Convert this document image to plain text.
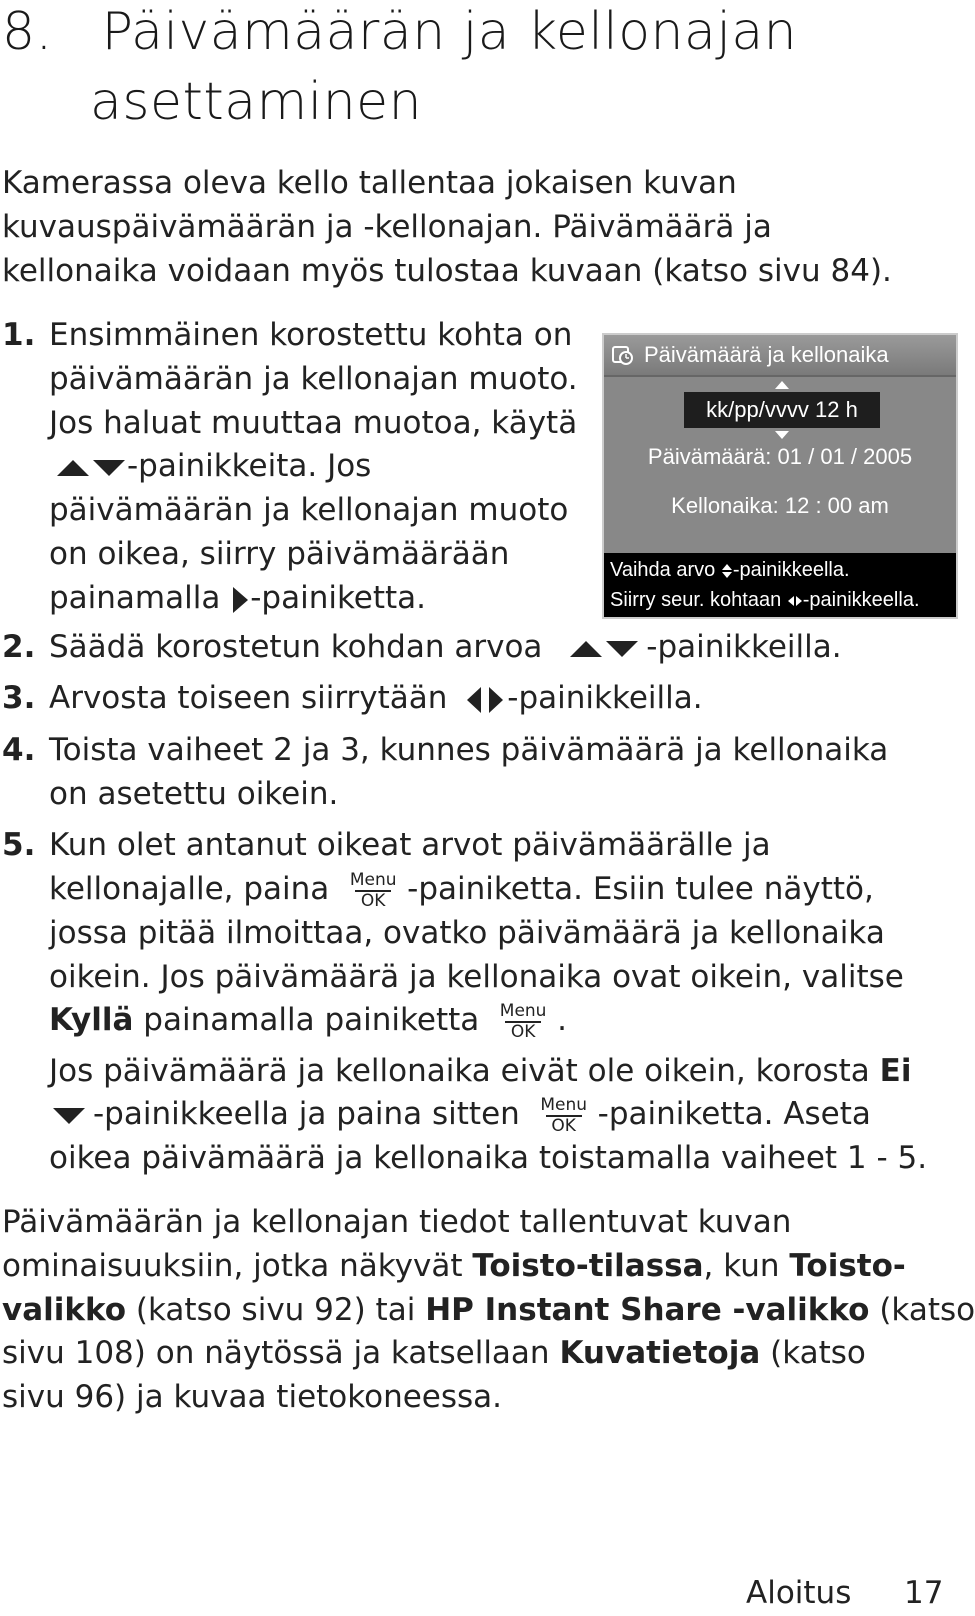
8. Päivämäärän ja kellonajan
asettaminen
Kamerassa oleva kello tallentaa jokaisen kuvan
kuvauspäivämäärän ja -kellonajan. Päivämäärä ja
kellonaika voidaan myös tulostaa kuvaan (katso sivu 84).
1. Ensimmäinen korostettu kohta on
päivämäärän ja kellonajan muoto.
Jos haluat muuttaa muotoa, käytä
-painikkeita. Jos
päivämäärän ja kellonajan muoto
on oikea, siirry päivämäärään
painamalla -painiketta.
Päivämäärä ja kellonaika
kk/pp/vvvv 12 h
Päivämäärä: 01 / 01 / 2005
Kellonaika: 12 : 00 am
Vaihda arvo -painikkeella.
Siirry seur. kohtaan -painikkeella.
2. Säädä korostetun kohdan arvoa	-painikkeilla.
3. Arvosta toiseen siirrytään -painikkeilla.
4. Toista vaiheet 2 ja 3, kunnes päivämäärä ja kellonaika
on asetettu oikein.
5. Kun olet antanut oikeat arvot päivämäärälle ja
kellonajalle, paina	Menu
OK -painiketta. Esiin tulee näyttö,
jossa pitää ilmoittaa, ovatko päivämäärä ja kellonaika
oikein. Jos päivämäärä ja kellonaika ovat oikein, valitse
Kyllä painamalla painiketta	Menu
OK .
Jos päivämäärä ja kellonaika eivät ole oikein, korosta Ei
-painikkeella ja paina sitten	Menu
OK -painiketta. Aseta
oikea päivämäärä ja kellonaika toistamalla vaiheet 1 - 5.
Päivämäärän ja kellonajan tiedot tallentuvat kuvan
ominaisuuksiin, jotka näkyvät Toisto-tilassa, kun Toisto-
valikko (katso sivu 92) tai HP Instant Share -valikko (katso
sivu 108) on näytössä ja katsellaan Kuvatietoja (katso
sivu 96) ja kuvaa tietokoneessa.
Aloitus 17
